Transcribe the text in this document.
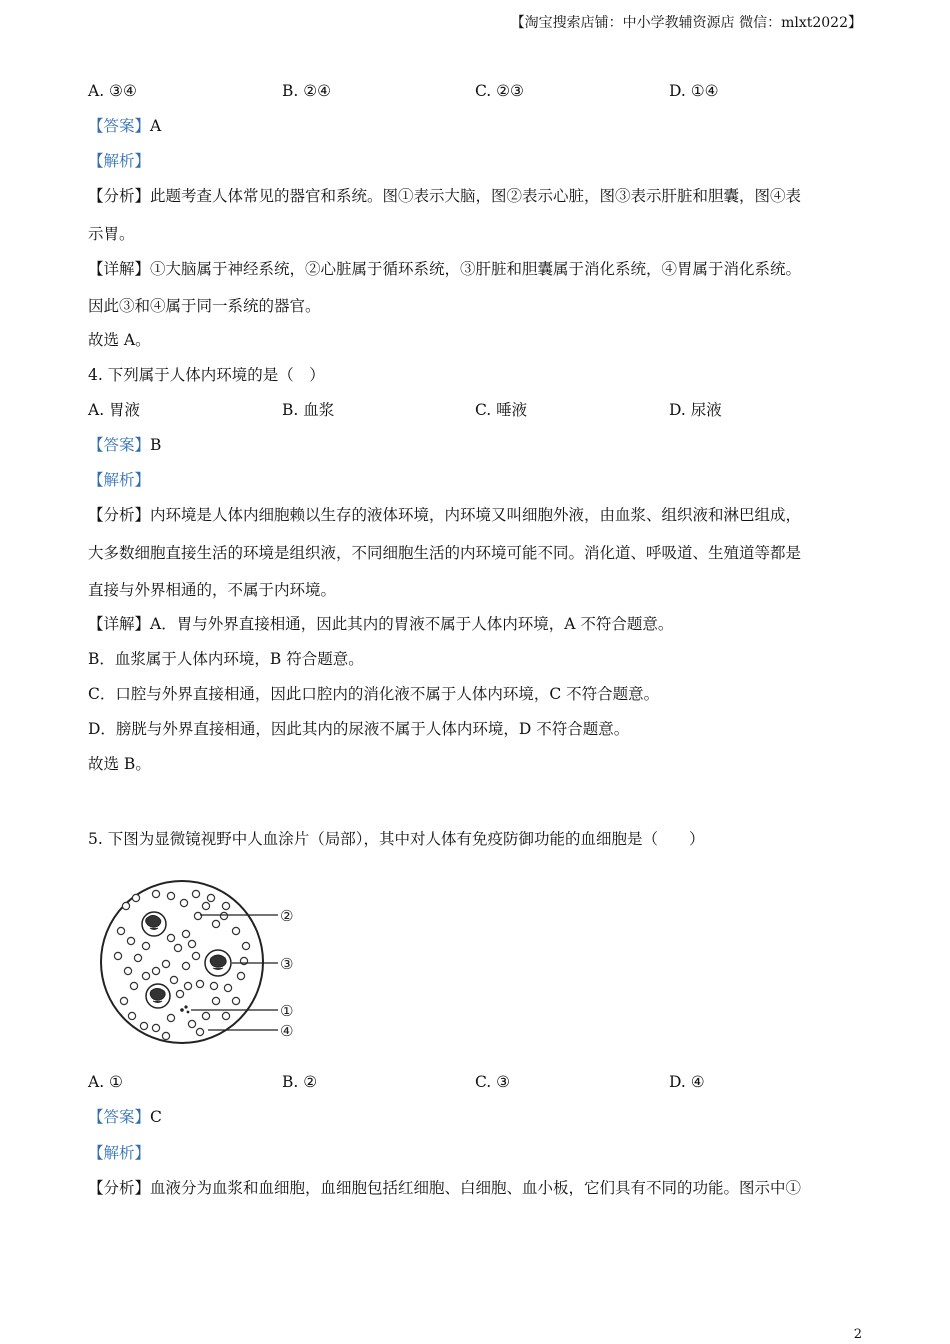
【淘宝搜索店铺：中小学教辅资源店 微信：mlxt2022】
A. ③④	B. ②④	C. ②③	D. ①④
【答案】A
【解析】
【分析】此题考查人体常见的器官和系统。图①表示大脑，图②表示心脏，图③表示肝脏和胆囊，图④表
示胃。
【详解】①大脑属于神经系统，②心脏属于循环系统，③肝脏和胆囊属于消化系统，④胃属于消化系统。
因此③和④属于同一系统的器官。
故选 A。
4. 下列属于人体内环境的是（　）
A. 胃液	B. 血浆	C. 唾液	D. 尿液
【答案】B
【解析】
【分析】内环境是人体内细胞赖以生存的液体环境，内环境又叫细胞外液，由血浆、组织液和淋巴组成，
大多数细胞直接生活的环境是组织液，不同细胞生活的内环境可能不同。消化道、呼吸道、生殖道等都是
直接与外界相通的，不属于内环境。
【详解】A．胃与外界直接相通，因此其内的胃液不属于人体内环境，A 不符合题意。
B．血浆属于人体内环境，B 符合题意。
C．口腔与外界直接相通，因此口腔内的消化液不属于人体内环境，C 不符合题意。
D．膀胱与外界直接相通，因此其内的尿液不属于人体内环境，D 不符合题意。
故选 B。
5. 下图为显微镜视野中人血涂片（局部），其中对人体有免疫防御功能的血细胞是（　　）
A. ①	B. ②	C. ③	D. ④
【答案】C
【解析】
【分析】血液分为血浆和血细胞，血细胞包括红细胞、白细胞、血小板，它们具有不同的功能。图示中①
②
③
①
④
2
